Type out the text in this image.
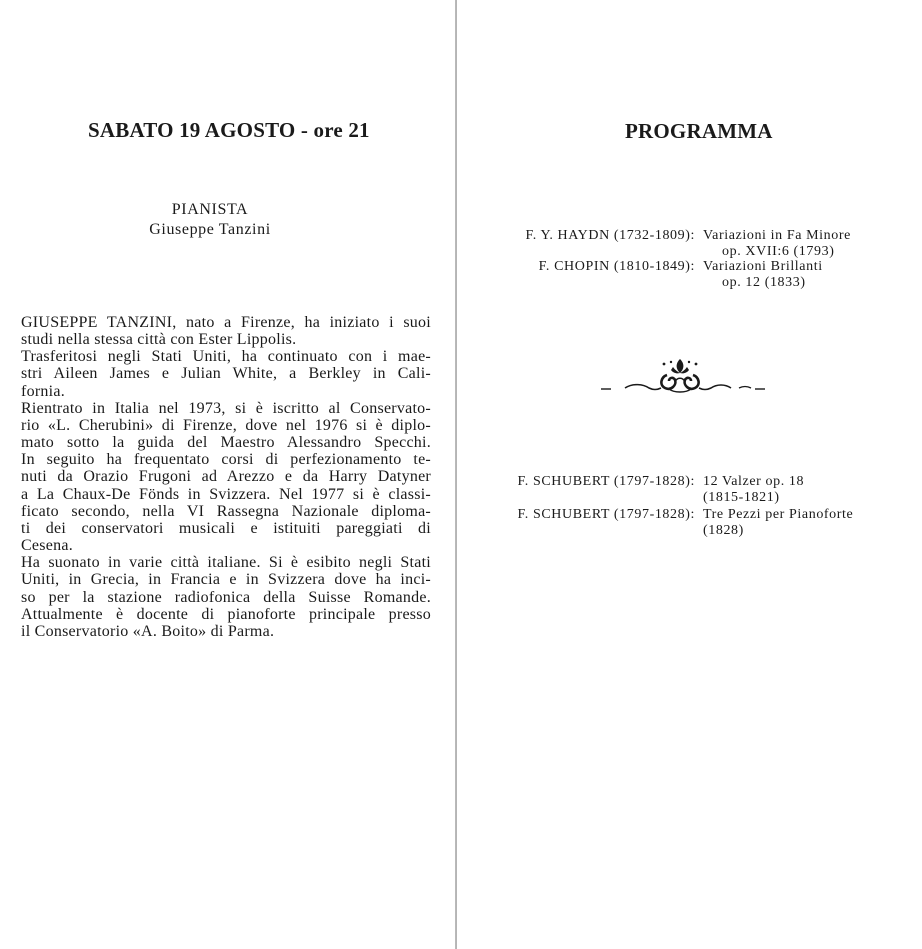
SABATO 19 AGOSTO - ore 21
PIANISTA
Giuseppe Tanzini
GIUSEPPE TANZINI, nato a Firenze, ha iniziato i suoi
studi nella stessa città con Ester Lippolis.
Trasferitosi negli Stati Uniti, ha continuato con i mae-
stri Aileen James e Julian White, a Berkley in Cali-
fornia.
Rientrato in Italia nel 1973, si è iscritto al Conservato-
rio «L. Cherubini» di Firenze, dove nel 1976 si è diplo-
mato sotto la guida del Maestro Alessandro Specchi.
In seguito ha frequentato corsi di perfezionamento te-
nuti da Orazio Frugoni ad Arezzo e da Harry Datyner
a La Chaux-De Fönds in Svizzera. Nel 1977 si è classi-
ficato secondo, nella VI Rassegna Nazionale diploma-
ti dei conservatori musicali e istituiti pareggiati di
Cesena.
Ha suonato in varie città italiane. Si è esibito negli Stati
Uniti, in Grecia, in Francia e in Svizzera dove ha inci-
so per la stazione radiofonica della Suisse Romande.
Attualmente è docente di pianoforte principale presso
il Conservatorio «A. Boito» di Parma.
PROGRAMMA
F. Y. HAYDN (1732-1809): Variazioni in Fa Minore
op. XVII:6 (1793)
F. CHOPIN (1810-1849): Variazioni Brillanti
op. 12 (1833)
F. SCHUBERT (1797-1828): 12 Valzer op. 18
(1815-1821)
F. SCHUBERT (1797-1828): Tre Pezzi per Pianoforte
(1828)
